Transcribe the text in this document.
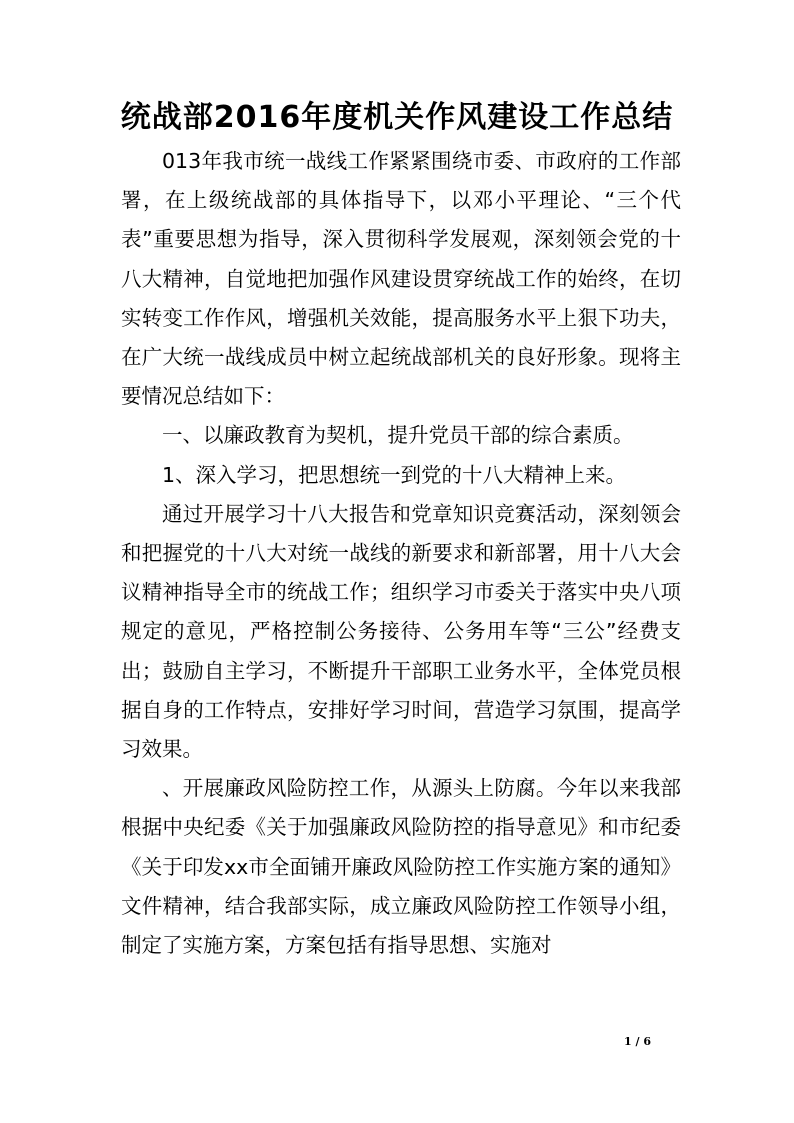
统战部2016年度机关作风建设工作总结

013年我市统一战线工作紧紧围绕市委、市政府的工作部署，在上级统战部的具体指导下，以邓小平理论、“三个代表”重要思想为指导，深入贯彻科学发展观，深刻领会党的十八大精神，自觉地把加强作风建设贯穿统战工作的始终，在切实转变工作作风，增强机关效能，提高服务水平上狠下功夫，在广大统一战线成员中树立起统战部机关的良好形象。现将主要情况总结如下：

一、以廉政教育为契机，提升党员干部的综合素质。

1、深入学习，把思想统一到党的十八大精神上来。

通过开展学习十八大报告和党章知识竞赛活动，深刻领会和把握党的十八大对统一战线的新要求和新部署，用十八大会议精神指导全市的统战工作；组织学习市委关于落实中央八项规定的意见，严格控制公务接待、公务用车等“三公”经费支出；鼓励自主学习，不断提升干部职工业务水平，全体党员根据自身的工作特点，安排好学习时间，营造学习氛围，提高学习效果。

、开展廉政风险防控工作，从源头上防腐。今年以来我部根据中央纪委《关于加强廉政风险防控的指导意见》和市纪委《关于印发xx市全面铺开廉政风险防控工作实施方案的通知》文件精神，结合我部实际，成立廉政风险防控工作领导小组，制定了实施方案，方案包括有指导思想、实施对

1 / 6
